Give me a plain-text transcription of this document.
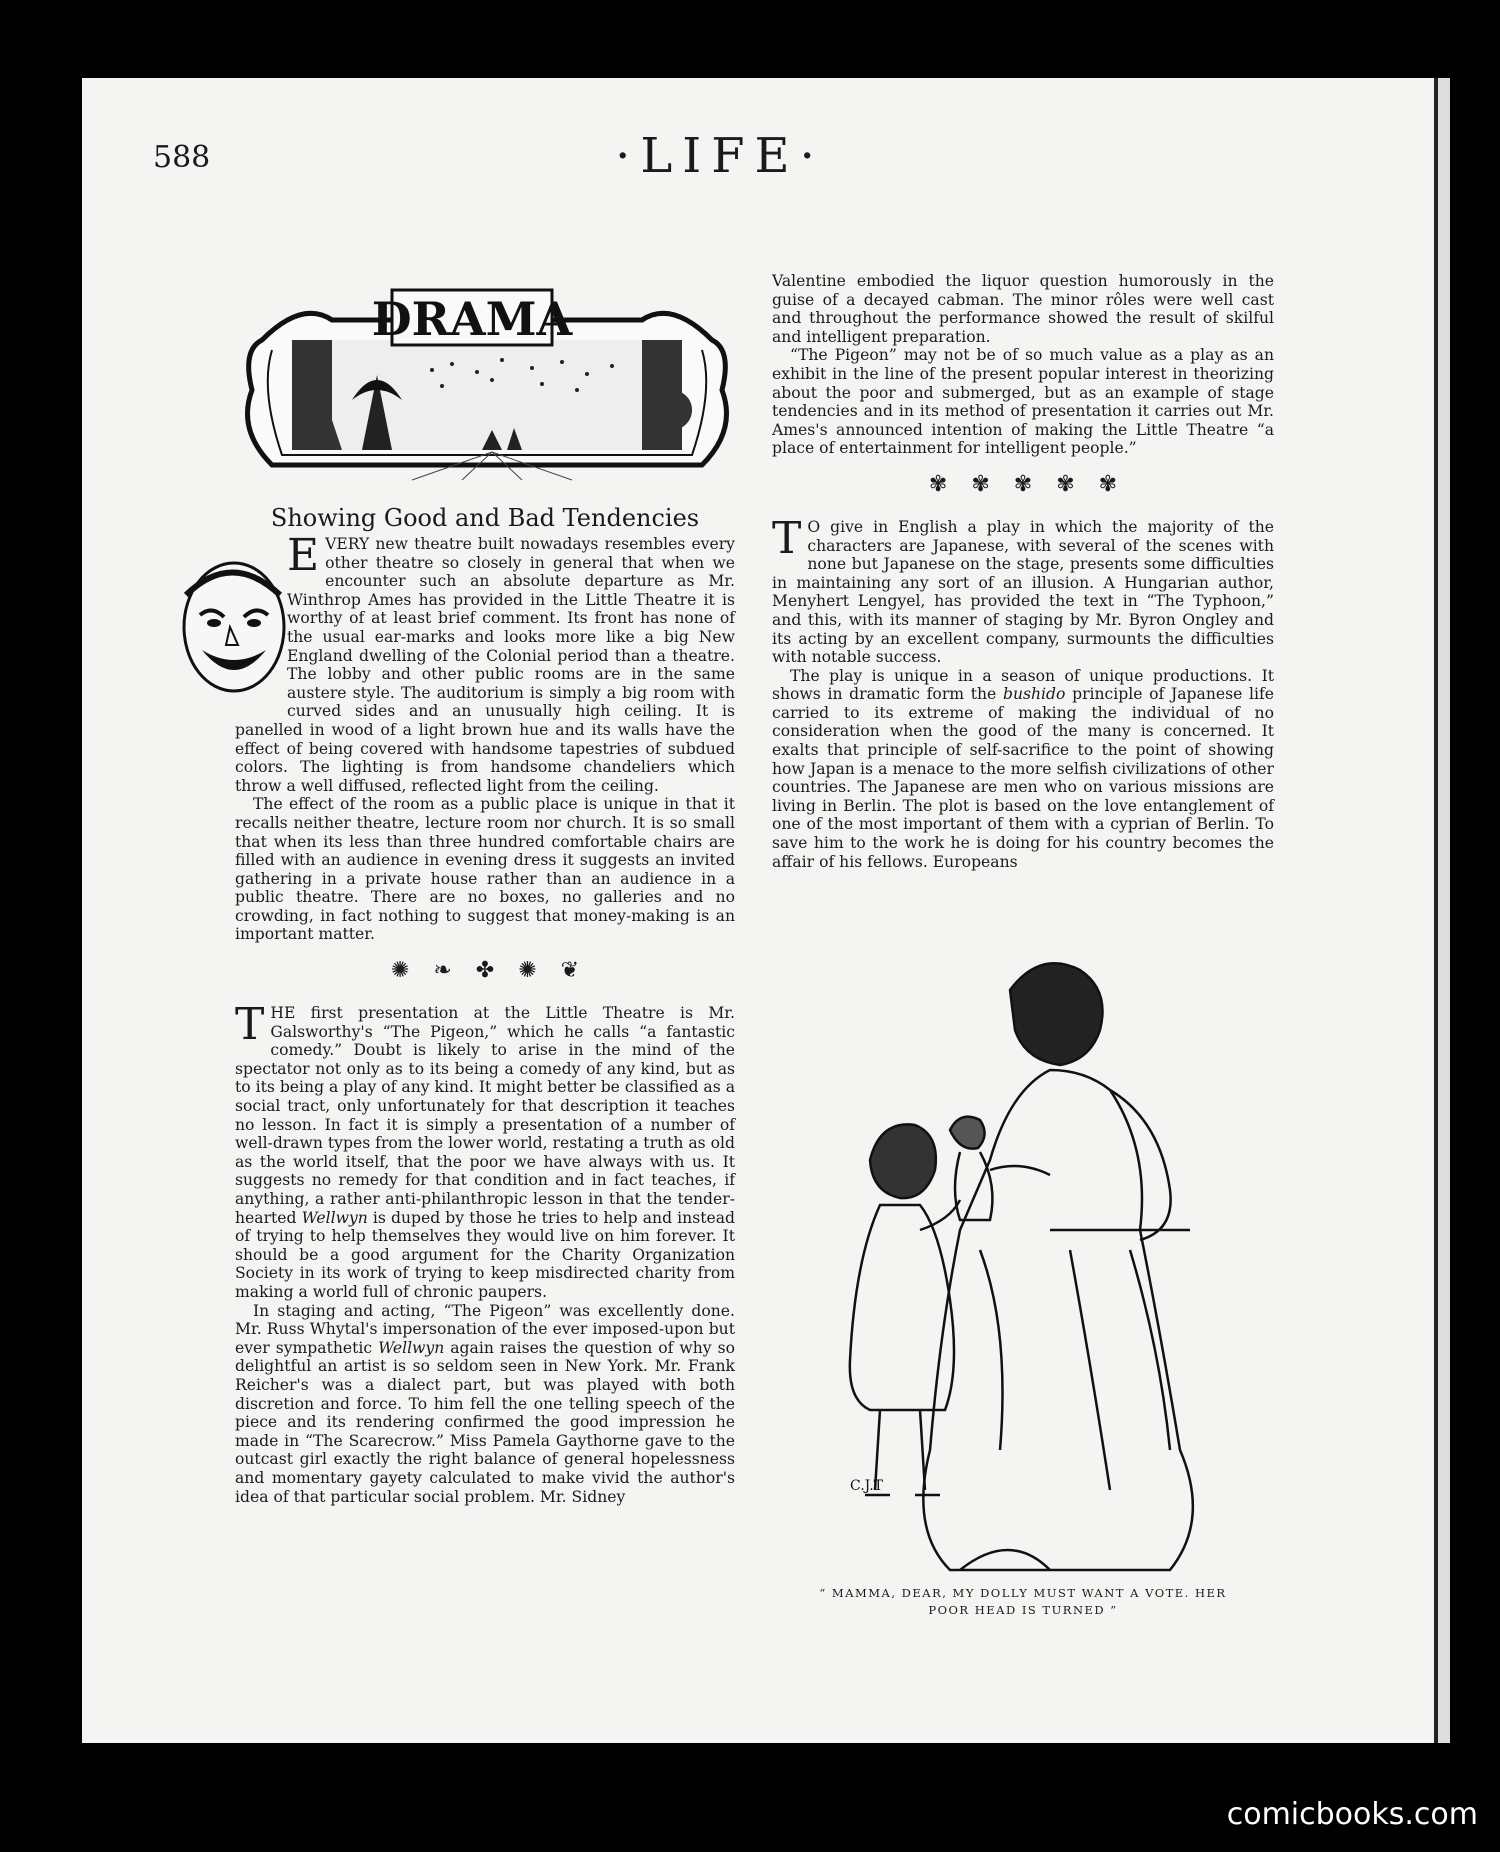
588	·LIFE·
DRAMA
Showing Good and Bad Tendencies

E VERY new theatre built nowadays resembles every other theatre so closely in general that when we encounter such an absolute departure as Mr. Winthrop Ames has provided in the Little Theatre it is worthy of at least brief comment. Its front has none of the usual ear-marks and looks more like a big New England dwelling of the Colonial period than a theatre. The lobby and other public rooms are in the same austere style. The auditorium is simply a big room with curved sides and an unusually high ceiling. It is panelled in wood of a light brown hue and its walls have the effect of being covered with handsome tapestries of subdued colors. The lighting is from handsome chandeliers which throw a well diffused, reflected light from the ceiling.

The effect of the room as a public place is unique in that it recalls neither theatre, lecture room nor church. It is so small that when its less than three hundred comfortable chairs are filled with an audience in evening dress it suggests an invited gathering in a private house rather than an audience in a public theatre. There are no boxes, no galleries and no crowding, in fact nothing to suggest that money-making is an important matter.

✺ ❧ ✤ ✺ ❦

T HE first presentation at the Little Theatre is Mr. Galsworthy's “The Pigeon,” which he calls “a fantastic comedy.” Doubt is likely to arise in the mind of the spectator not only as to its being a comedy of any kind, but as to its being a play of any kind. It might better be classified as a social tract, only unfortunately for that description it teaches no lesson. In fact it is simply a presentation of a number of well-drawn types from the lower world, restating a truth as old as the world itself, that the poor we have always with us. It suggests no remedy for that condition and in fact teaches, if anything, a rather anti-philanthropic lesson in that the tender-hearted Wellwyn is duped by those he tries to help and instead of trying to help themselves they would live on him forever. It should be a good argument for the Charity Organization Society in its work of trying to keep misdirected charity from making a world full of chronic paupers.

In staging and acting, “The Pigeon” was excellently done. Mr. Russ Whytal's impersonation of the ever imposed-upon but ever sympathetic Wellwyn again raises the question of why so delightful an artist is so seldom seen in New York. Mr. Frank Reicher's was a dialect part, but was played with both discretion and force. To him fell the one telling speech of the piece and its rendering confirmed the good impression he made in “The Scarecrow.” Miss Pamela Gaythorne gave to the outcast girl exactly the right balance of general hopelessness and momentary gayety calculated to make vivid the author's idea of that particular social problem. Mr. Sidney

Valentine embodied the liquor question humorously in the guise of a decayed cabman. The minor rôles were well cast and throughout the performance showed the result of skilful and intelligent preparation.

“The Pigeon” may not be of so much value as a play as an exhibit in the line of the present popular interest in theorizing about the poor and submerged, but as an example of stage tendencies and in its method of presentation it carries out Mr. Ames's announced intention of making the Little Theatre “a place of entertainment for intelligent people.”

✾ ✾ ✾ ✾ ✾

T O give in English a play in which the majority of the characters are Japanese, with several of the scenes with none but Japanese on the stage, presents some difficulties in maintaining any sort of an illusion. A Hungarian author, Menyhert Lengyel, has provided the text in “The Typhoon,” and this, with its manner of staging by Mr. Byron Ongley and its acting by an excellent company, surmounts the difficulties with notable success.

The play is unique in a season of unique productions. It shows in dramatic form the bushido principle of Japanese life carried to its extreme of making the individual of no consideration when the good of the many is concerned. It exalts that principle of self-sacrifice to the point of showing how Japan is a menace to the more selfish civilizations of other countries. The Japanese are men who on various missions are living in Berlin. The plot is based on the love entanglement of one of the most important of them with a cyprian of Berlin. To save him to the work he is doing for his country becomes the affair of his fellows. Europeans

C.J.T
“ MAMMA, DEAR, MY DOLLY MUST WANT A VOTE. HER
POOR HEAD IS TURNED ”
comicbooks.com
